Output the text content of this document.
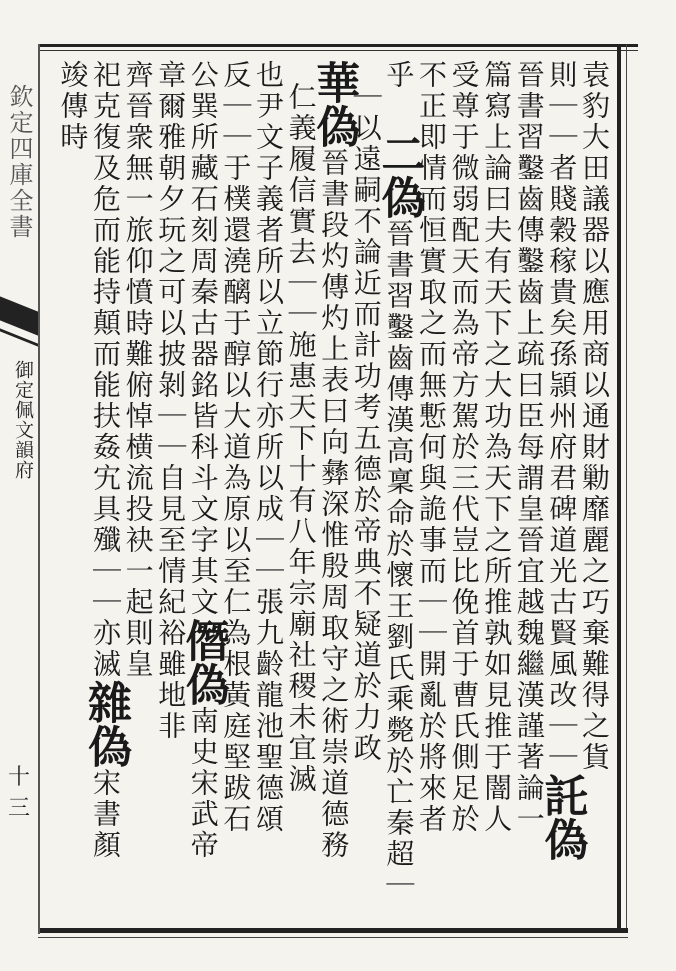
欽定四庫全書
御定佩文韻府
十三
袁豹大田議器以應用商以通財勦靡麗之巧棄難得之貨
則｜｜者賤穀稼貴矣孫頴州府君碑道光古賢風改｜｜託偽
晉書習鑿齒傳鑿齒上疏曰臣每謂皇晉宜越魏繼漢謹著論一
篇寫上論曰夫有天下之大功為天下之所推孰如見推于闇人
受尊于微弱配天而為帝方駕於三代豈比俛首于曹氏側足於
不正即情而恒實取之而無慙何與詭事而｜｜開亂於將來者
乎二偽晉書習鑿齒傳漢高稟命於懷王劉氏乘斃於亡秦超｜
｜以遠嗣不論近而計功考五德於帝典不疑道於力政
華偽晉書段灼傳灼上表曰向彝深惟殷周取守之術崇道德務
仁義履信實去｜｜施惠天下十有八年宗廟社稷未宜滅
也尹文子義者所以立節行亦所以成｜｜張九齡龍池聖德頌
反｜｜于樸還澆醨于醇以大道為原以至仁為根黃庭堅跋石
公巽所藏石刻周秦古器銘皆科斗文字其文僭偽南史宋武帝
章爾雅朝夕玩之可以披剝｜｜自見至情紀裕雖地非
齊晉衆無一旅仰憤時難俯悼横流投袂一起則皇
祀克復及危而能持顛而能扶姦宄具殲｜｜亦滅雜偽宋書顏
竣傳時
